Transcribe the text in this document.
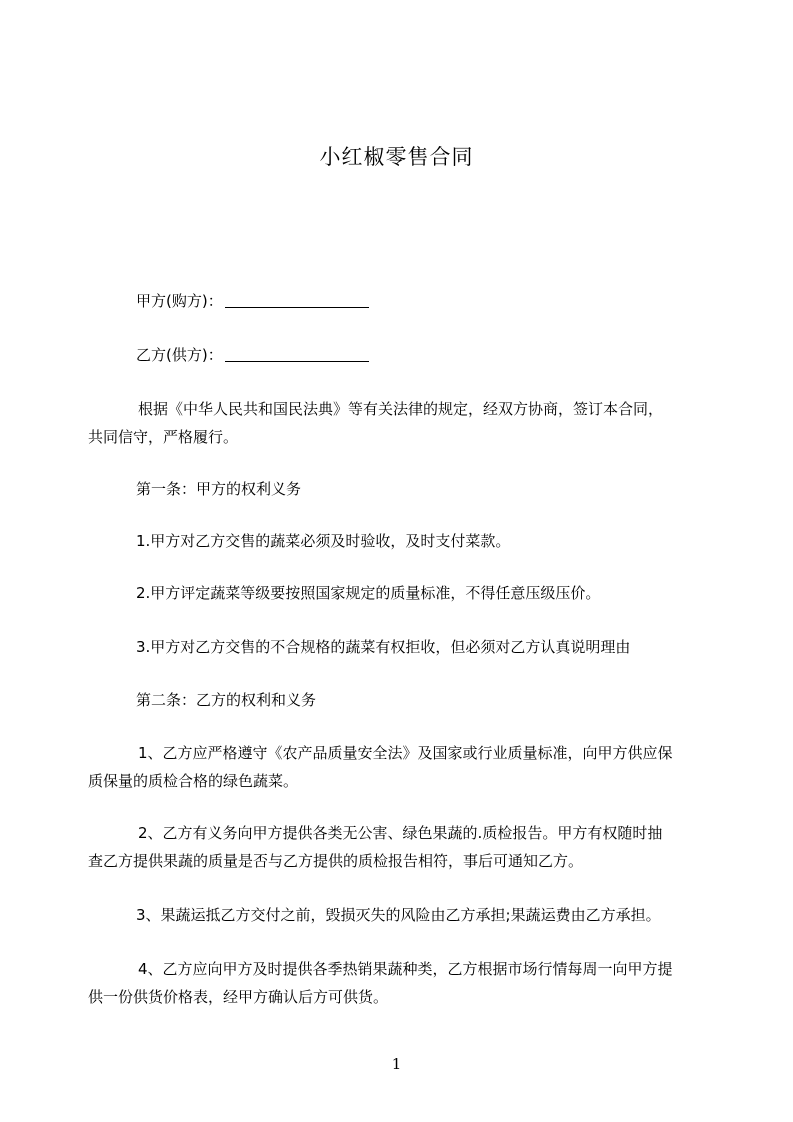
小红椒零售合同
甲方(购方)：
乙方(供方)：
根据《中华人民共和国民法典》等有关法律的规定，经双方协商，签订本合同，
共同信守，严格履行。
第一条：甲方的权利义务
1.甲方对乙方交售的蔬菜必须及时验收，及时支付菜款。
2.甲方评定蔬菜等级要按照国家规定的质量标准，不得任意压级压价。
3.甲方对乙方交售的不合规格的蔬菜有权拒收，但必须对乙方认真说明理由
第二条：乙方的权利和义务
1、乙方应严格遵守《农产品质量安全法》及国家或行业质量标准，向甲方供应保
质保量的质检合格的绿色蔬菜。
2、乙方有义务向甲方提供各类无公害、绿色果蔬的.质检报告。甲方有权随时抽
查乙方提供果蔬的质量是否与乙方提供的质检报告相符，事后可通知乙方。
3、果蔬运抵乙方交付之前，毁损灭失的风险由乙方承担;果蔬运费由乙方承担。
4、乙方应向甲方及时提供各季热销果蔬种类，乙方根据市场行情每周一向甲方提
供一份供货价格表，经甲方确认后方可供货。
1
